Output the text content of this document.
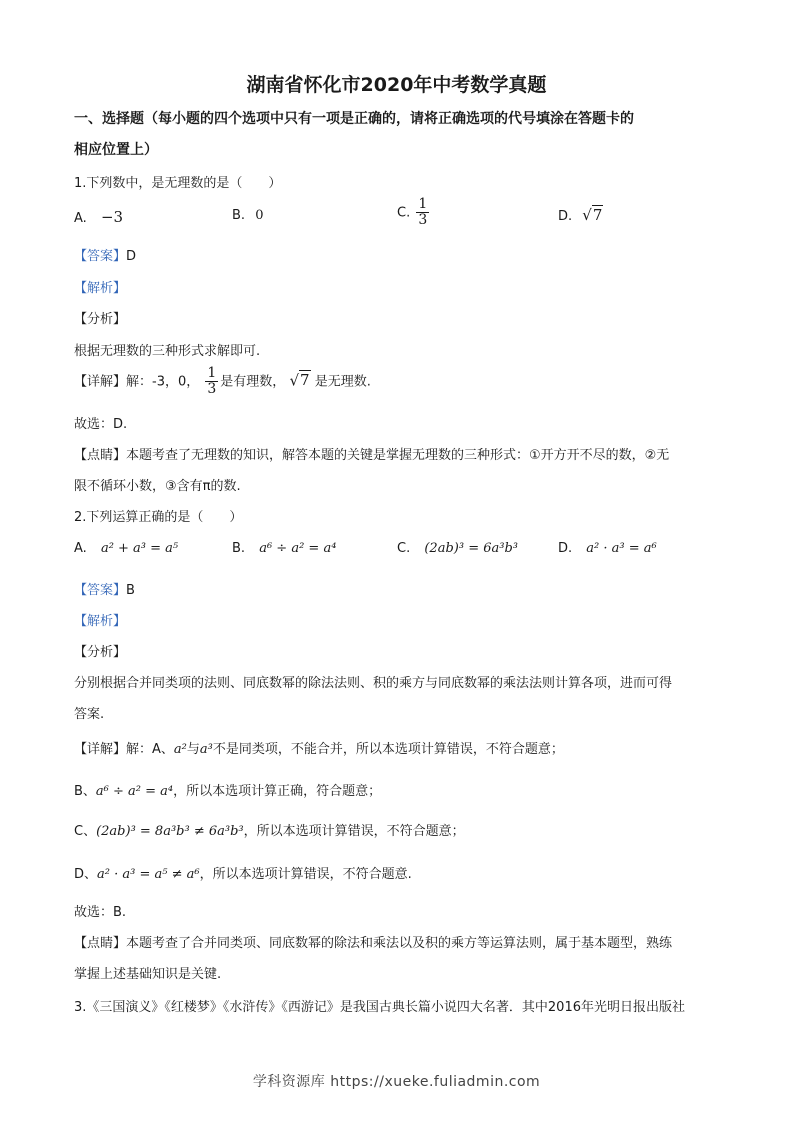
湖南省怀化市2020年中考数学真题
一、选择题（每小题的四个选项中只有一项是正确的，请将正确选项的代号填涂在答题卡的
相应位置上）
1.下列数中，是无理数的是（　　）
A. −3	B. 0	C. $\frac{1}{3}$	D. √7
【答案】D
【解析】
【分析】
根据无理数的三种形式求解即可.
【详解】解：-3，0， $\frac{1}{3}$ 是有理数， √7 是无理数.
故选：D.
【点睛】本题考查了无理数的知识，解答本题的关键是掌握无理数的三种形式：①开方开不尽的数，②无
限不循环小数，③含有π的数.
2.下列运算正确的是（　　）
A. a² + a³ = a⁵	B. a⁶ ÷ a² = a⁴	C. (2ab)³ = 6a³b³	D. a² · a³ = a⁶
【答案】B
【解析】
【分析】
分别根据合并同类项的法则、同底数幂的除法法则、积的乘方与同底数幂的乘法法则计算各项，进而可得
答案.
【详解】解：A、a²与a³不是同类项，不能合并，所以本选项计算错误，不符合题意；
B、a⁶ ÷ a² = a⁴，所以本选项计算正确，符合题意；
C、(2ab)³ = 8a³b³ ≠ 6a³b³，所以本选项计算错误，不符合题意；
D、a² · a³ = a⁵ ≠ a⁶，所以本选项计算错误，不符合题意.
故选：B.
【点睛】本题考查了合并同类项、同底数幂的除法和乘法以及积的乘方等运算法则，属于基本题型，熟练
掌握上述基础知识是关键.
3.《三国演义》《红楼梦》《水浒传》《西游记》是我国古典长篇小说四大名著．其中2016年光明日报出版社
学科资源库 https://xueke.fuliadmin.com
